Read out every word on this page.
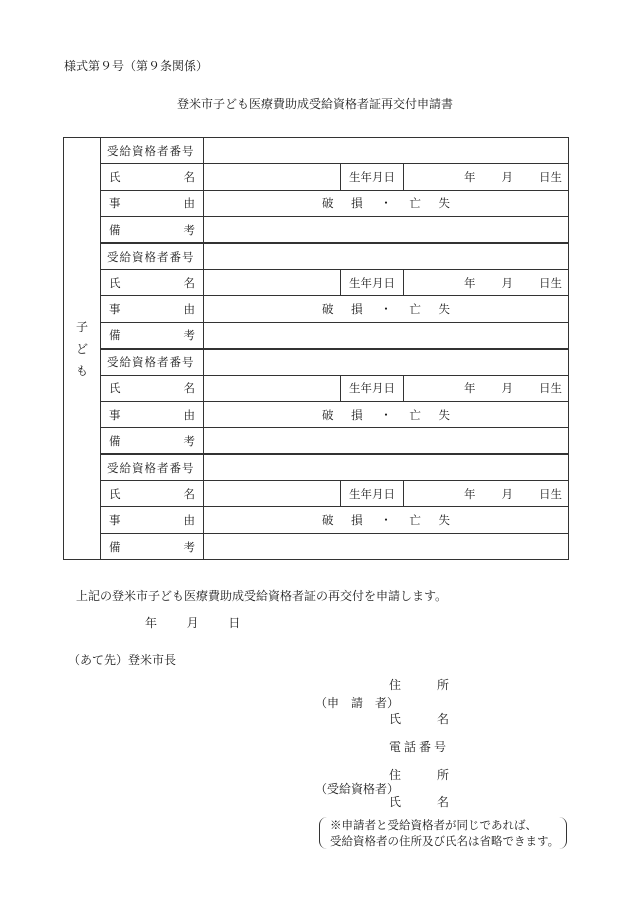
様式第９号（第９条関係）
登米市子ども医療費助成受給資格者証再交付申請書
子
ど
も	受給資格者番号			

	氏 名		生年月日	年 月 日生

	事 由	破 損 ・ 亡 失		

	備 考			

	受給資格者番号			

	氏 名		生年月日	年 月 日生

	事 由	破 損 ・ 亡 失		

	備 考			

	受給資格者番号			

	氏 名		生年月日	年 月 日生

	事 由	破 損 ・ 亡 失		

	備 考			

	受給資格者番号			

	氏 名		生年月日	年 月 日生

	事 由	破 損 ・ 亡 失		

	備 考			

上記の登米市子ども医療費助成受給資格者証の再交付を申請します。
年 月 日
（あて先）登米市長
住	所
（申　請　者）
氏	名
電話番号
住	所
（受給資格者）
氏	名
※申請者と受給資格者が同じであれば、
受給資格者の住所及び氏名は省略できます。
